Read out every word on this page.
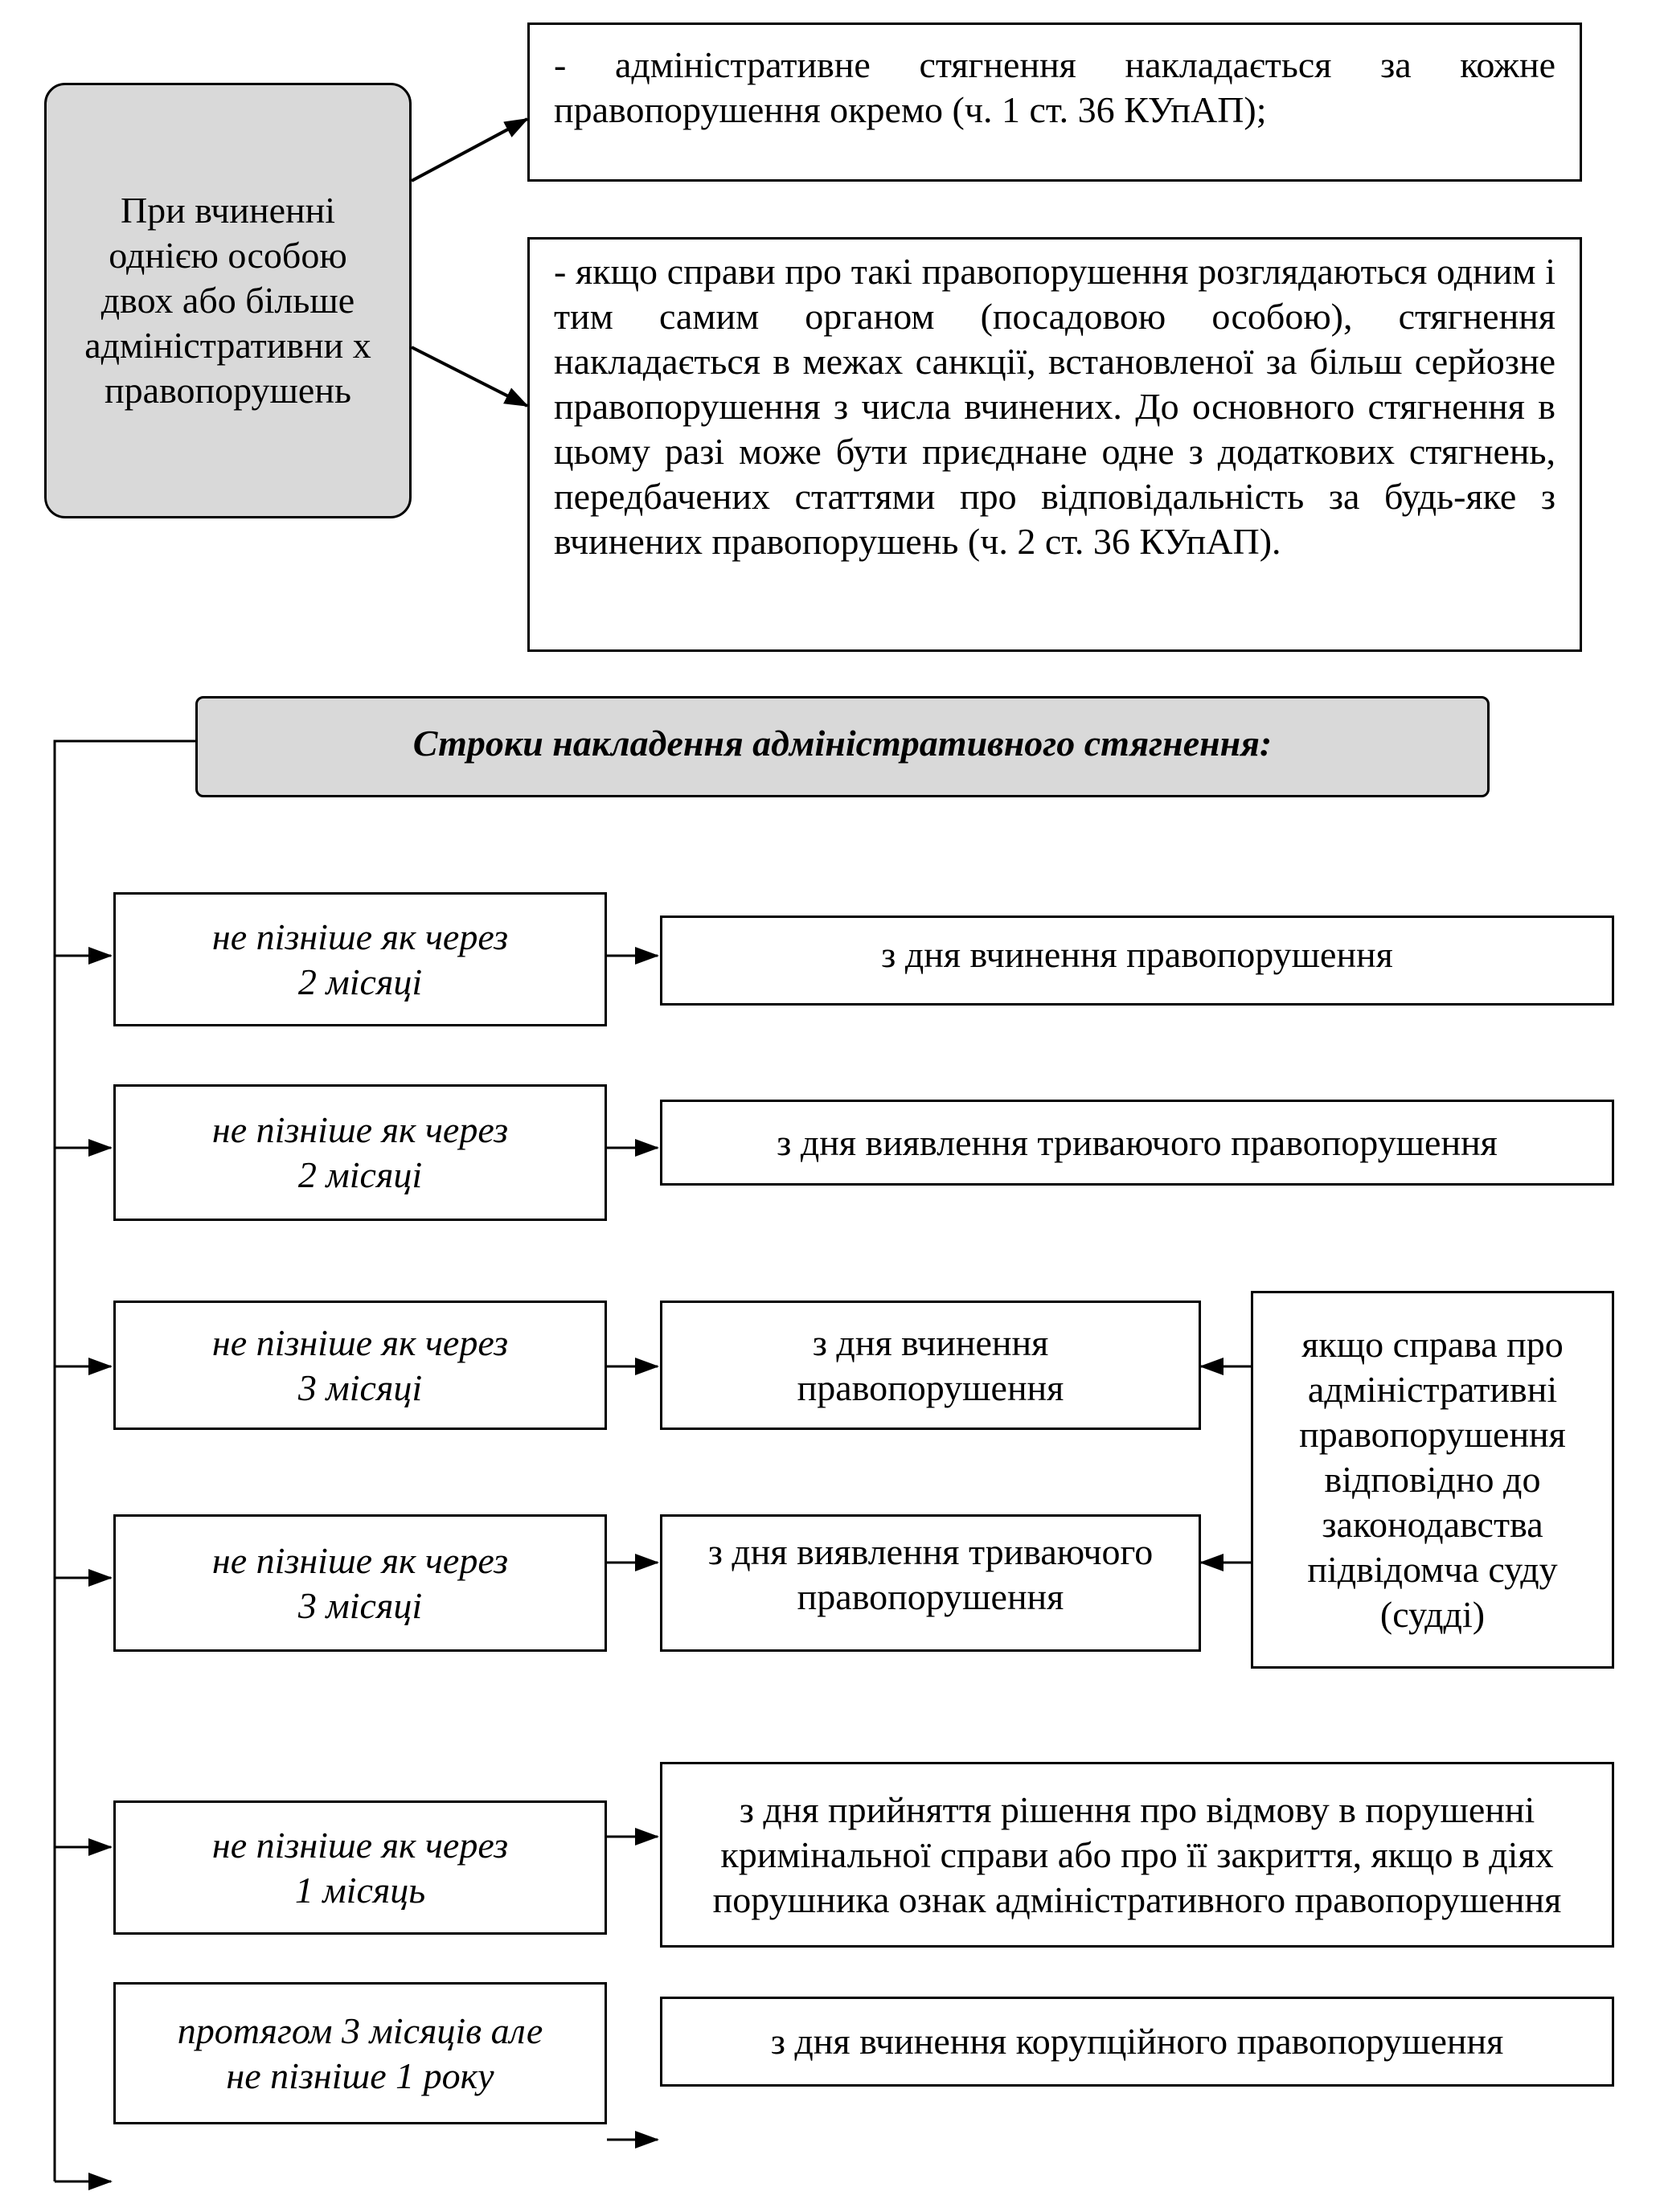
При вчиненні однією особою двох або більше адміністративни х правопорушень
- адміністративне стягнення накладається за кожне правопорушення окремо (ч. 1 ст. 36 КУпАП);
- якщо справи про такі правопорушення розглядаються одним і тим самим органом (посадовою особою), стягнення накладається в межах санкції, встановленої за більш серйозне правопорушення з числа вчинених. До основного стягнення в цьому разі може бути приєднане одне з додаткових стягнень, передбачених статтями про відповідальність за будь-яке з вчинених правопорушень (ч. 2 ст. 36 КУпАП).
Строки накладення адміністративного стягнення:
не пізніше як через
2 місяці
з дня вчинення правопорушення
не пізніше як через
2 місяці
з дня виявлення триваючого правопорушення
не пізніше як через
3 місяці
з дня вчинення
правопорушення
не пізніше як через
3 місяці
з дня виявлення триваючого
правопорушення
якщо справа про адміністративні правопорушення відповідно до законодавства підвідомча суду (судді)
не пізніше як через
1 місяць
з дня прийняття рішення про відмову в порушенні кримінальної справи або про її закриття, якщо в діях порушника ознак адміністративного правопорушення
протягом 3 місяців але
не пізніше 1 року
з дня вчинення корупційного правопорушення
